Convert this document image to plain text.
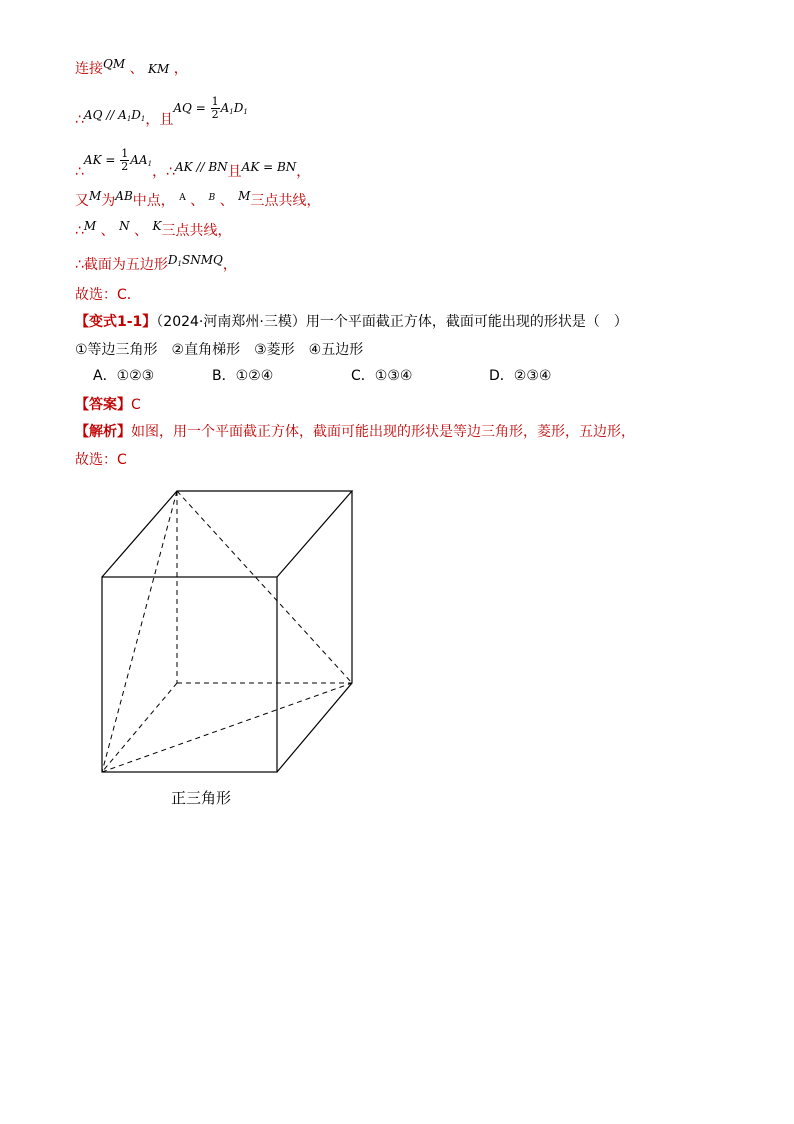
连接QM 、 KM ，
∴AQ // $A_1D_1$，且AQ = $\frac{1}{2} A_1D_1$
∴AK = $\frac{1}{2} AA_1$，∴AK // BN且AK = BN，
又M为AB中点， $^A$ 、 $^B$ 、 M三点共线，
∴M 、 N 、 K三点共线，
∴截面为五边形$D_1SNMQ$，
故选：C．
【变式1-1】（2024·河南郑州·三模）用一个平面截正方体，截面可能出现的形状是（　）
①等边三角形　②直角梯形　③菱形　④五边形
A．①②③	B．①②④	C．①③④	D．②③④
【答案】C
【解析】如图，用一个平面截正方体，截面可能出现的形状是等边三角形，菱形，五边形，
故选：C
正三角形
